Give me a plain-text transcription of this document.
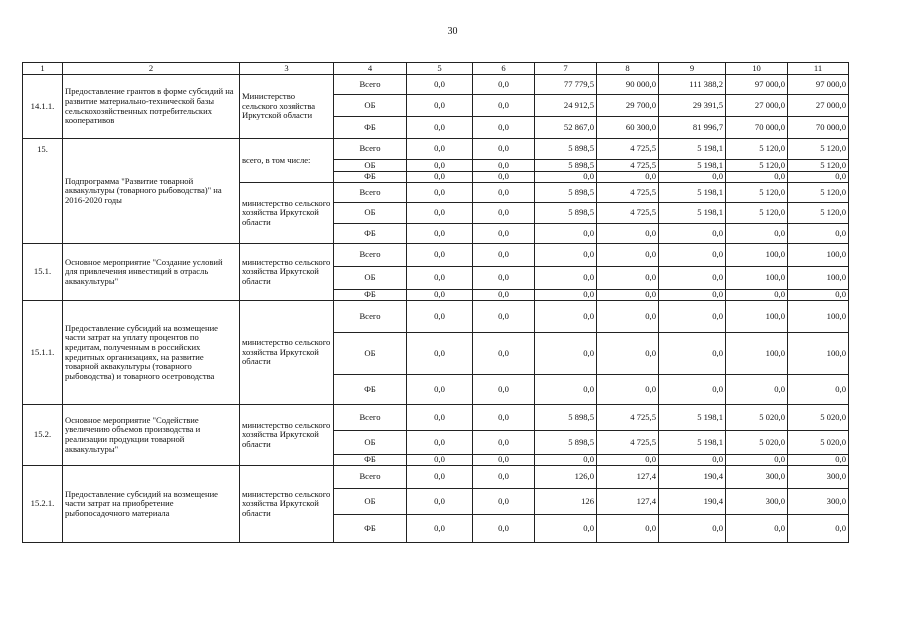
30
1	2	3	4	5	6	7	8	9	10	11
14.1.1.	Предоставление грантов в форме субсидий на развитие материально-технической базы сельскохозяйственных потребительских кооперативов	Министерство сельского хозяйства Иркутской области	Всего	0,0	0,0	77 779,5	90 000,0	111 388,2	97 000,0	97 000,0
			ОБ	0,0	0,0	24 912,5	29 700,0	29 391,5	27 000,0	27 000,0
			ФБ	0,0	0,0	52 867,0	60 300,0	81 996,7	70 000,0	70 000,0
15.	Подпрограмма "Развитие товарной аквакультуры (товарного рыбоводства)" на 2016-2020 годы	всего, в том числе:	Всего	0,0	0,0	5 898,5	4 725,5	5 198,1	5 120,0	5 120,0
			ОБ	0,0	0,0	5 898,5	4 725,5	5 198,1	5 120,0	5 120,0
			ФБ	0,0	0,0	0,0	0,0	0,0	0,0	0,0
		министерство сельского хозяйства Иркутской области	Всего	0,0	0,0	5 898,5	4 725,5	5 198,1	5 120,0	5 120,0
			ОБ	0,0	0,0	5 898,5	4 725,5	5 198,1	5 120,0	5 120,0
			ФБ	0,0	0,0	0,0	0,0	0,0	0,0	0,0
15.1.	Основное мероприятие "Создание условий для привлечения инвестиций в отрасль аквакультуры"	министерство сельского хозяйства Иркутской области	Всего	0,0	0,0	0,0	0,0	0,0	100,0	100,0
			ОБ	0,0	0,0	0,0	0,0	0,0	100,0	100,0
			ФБ	0,0	0,0	0,0	0,0	0,0	0,0	0,0
15.1.1.	Предоставление субсидий на возмещение части затрат на уплату процентов по кредитам, полученным в российских кредитных организациях, на развитие товарной аквакультуры (товарного рыбоводства) и товарного осетроводства	министерство сельского хозяйства Иркутской области	Всего	0,0	0,0	0,0	0,0	0,0	100,0	100,0
			ОБ	0,0	0,0	0,0	0,0	0,0	100,0	100,0
			ФБ	0,0	0,0	0,0	0,0	0,0	0,0	0,0
15.2.	Основное мероприятие "Содействие увеличению объемов производства и реализации продукции товарной аквакультуры"	министерство сельского хозяйства Иркутской области	Всего	0,0	0,0	5 898,5	4 725,5	5 198,1	5 020,0	5 020,0
			ОБ	0,0	0,0	5 898,5	4 725,5	5 198,1	5 020,0	5 020,0
			ФБ	0,0	0,0	0,0	0,0	0,0	0,0	0,0
15.2.1.	Предоставление субсидий на возмещение части затрат на приобретение рыбопосадочного материала	министерство сельского хозяйства Иркутской области	Всего	0,0	0,0	126,0	127,4	190,4	300,0	300,0
			ОБ	0,0	0,0	126	127,4	190,4	300,0	300,0
			ФБ	0,0	0,0	0,0	0,0	0,0	0,0	0,0
